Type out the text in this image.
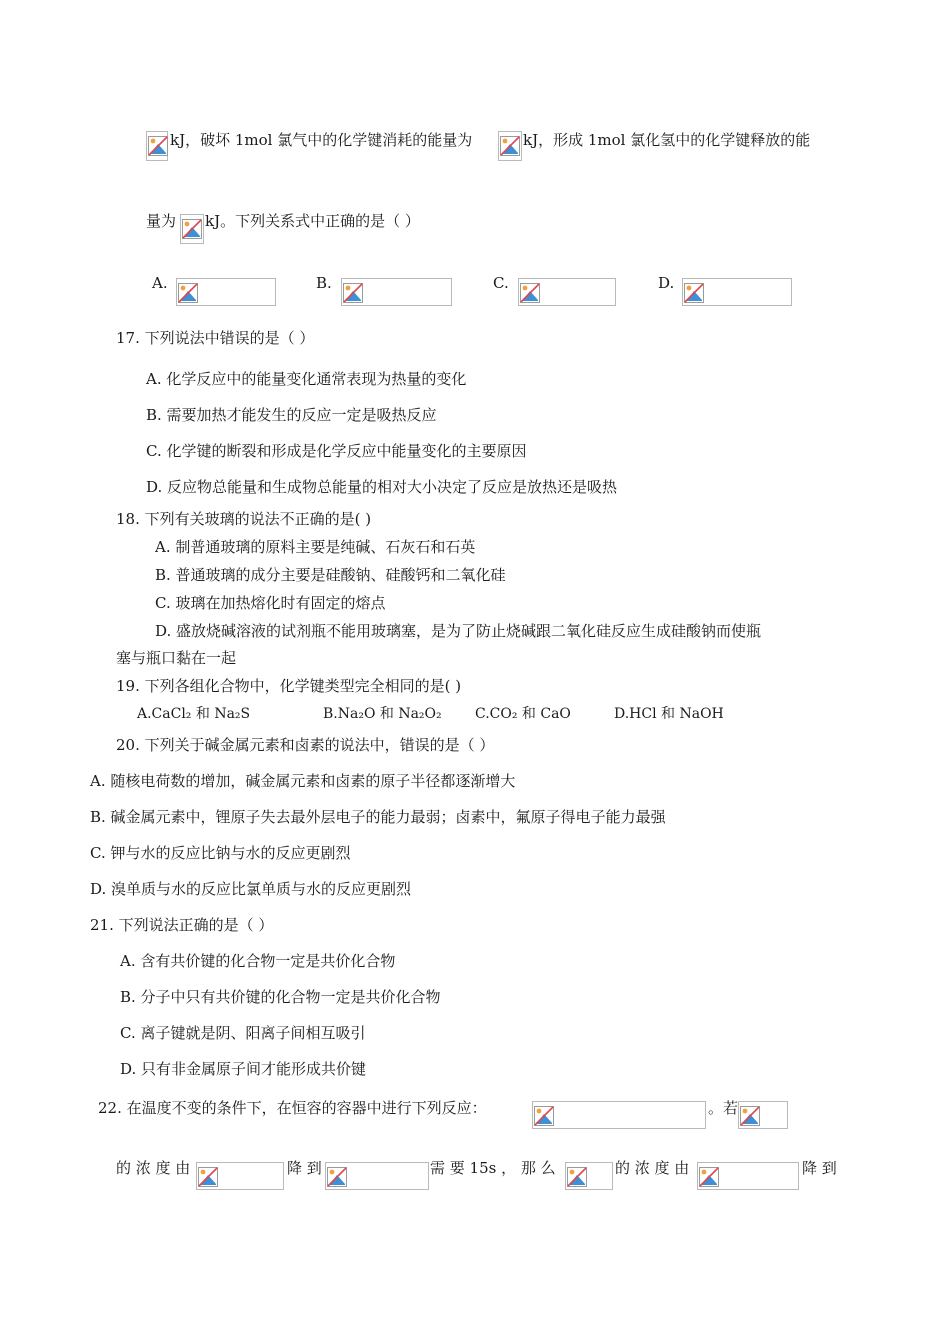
kJ，破坏 1mol 氯气中的化学键消耗的能量为	kJ，形成 1mol 氯化氢中的化学键释放的能
量为 kJ。下列关系式中正确的是（ ）
A.	B.	C.	D.
17. 下列说法中错误的是（ ）
A. 化学反应中的能量变化通常表现为热量的变化
B. 需要加热才能发生的反应一定是吸热反应
C. 化学键的断裂和形成是化学反应中能量变化的主要原因
D. 反应物总能量和生成物总能量的相对大小决定了反应是放热还是吸热
18. 下列有关玻璃的说法不正确的是( )
A. 制普通玻璃的原料主要是纯碱、石灰石和石英
B. 普通玻璃的成分主要是硅酸钠、硅酸钙和二氧化硅
C. 玻璃在加热熔化时有固定的熔点
D. 盛放烧碱溶液的试剂瓶不能用玻璃塞，是为了防止烧碱跟二氧化硅反应生成硅酸钠而使瓶
塞与瓶口黏在一起
19. 下列各组化合物中，化学键类型完全相同的是( )
A.CaCl₂ 和 Na₂S	B.Na₂O 和 Na₂O₂ C.CO₂ 和 CaO	D.HCl 和 NaOH
20. 下列关于碱金属元素和卤素的说法中，错误的是（ ）
A. 随核电荷数的增加，碱金属元素和卤素的原子半径都逐渐增大
B. 碱金属元素中，锂原子失去最外层电子的能力最弱；卤素中，氟原子得电子能力最强
C. 钾与水的反应比钠与水的反应更剧烈
D. 溴单质与水的反应比氯单质与水的反应更剧烈
21. 下列说法正确的是（ ）
A. 含有共价键的化合物一定是共价化合物
B. 分子中只有共价键的化合物一定是共价化合物
C. 离子键就是阴、阳离子间相互吸引
D. 只有非金属原子间才能形成共价键
22. 在温度不变的条件下，在恒容的容器中进行下列反应：	。若
的 浓 度 由	降 到	需 要 15s ， 那 么	的 浓 度 由	降 到
